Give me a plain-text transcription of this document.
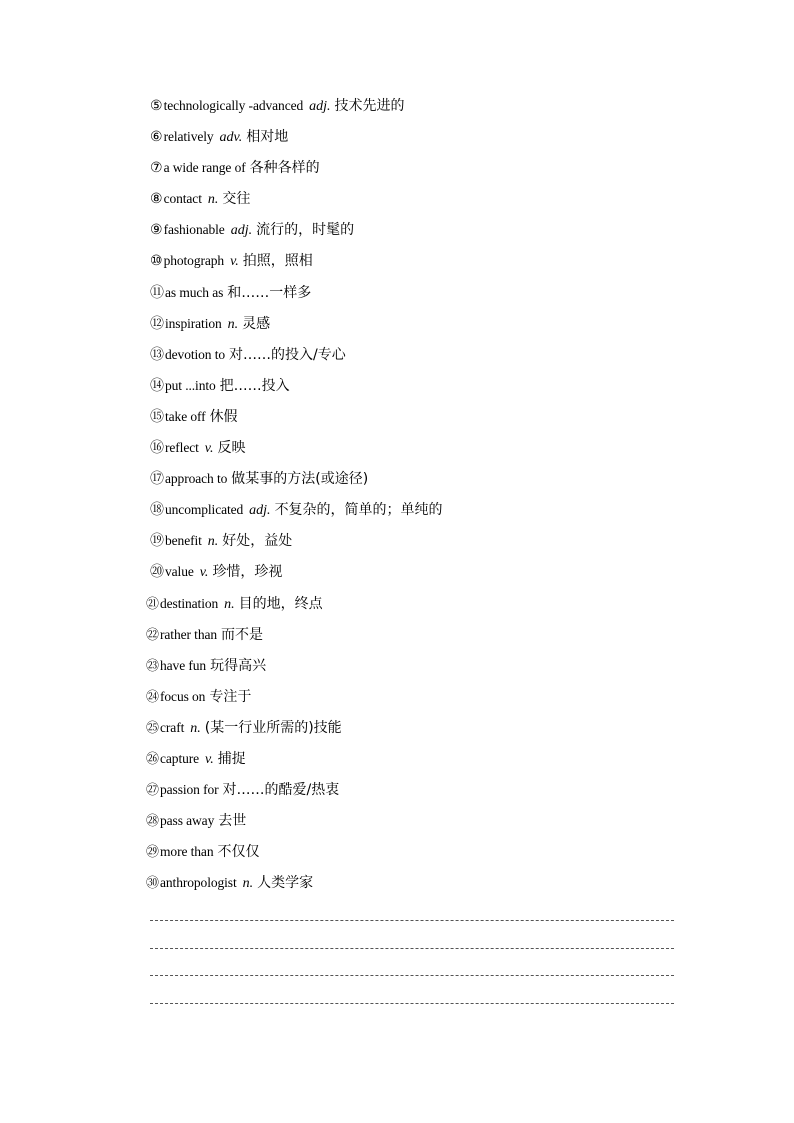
⑤ technologically -advanced adj. 技术先进的
⑥ relatively adv. 相对地
⑦ a wide range of 各种各样的
⑧ contact n. 交往
⑨ fashionable adj. 流行的，时髦的
⑩ photograph v. 拍照，照相
⑪ as much as 和……一样多
⑫ inspiration n. 灵感
⑬ devotion to 对……的投入/专心
⑭ put ...into 把……投入
⑮ take off 休假
⑯ reflect v. 反映
⑰ approach to 做某事的方法(或途径)
⑱ uncomplicated adj. 不复杂的，简单的；单纯的
⑲ benefit n. 好处，益处
⑳ value v. 珍惜，珍视
㉑ destination n. 目的地，终点
㉒ rather than 而不是
㉓ have fun 玩得高兴
㉔ focus on 专注于
㉕ craft n. (某一行业所需的)技能
㉖ capture v. 捕捉
㉗ passion for 对……的酷爱/热衷
㉘ pass away 去世
㉙ more than 不仅仅
㉚ anthropologist n. 人类学家
